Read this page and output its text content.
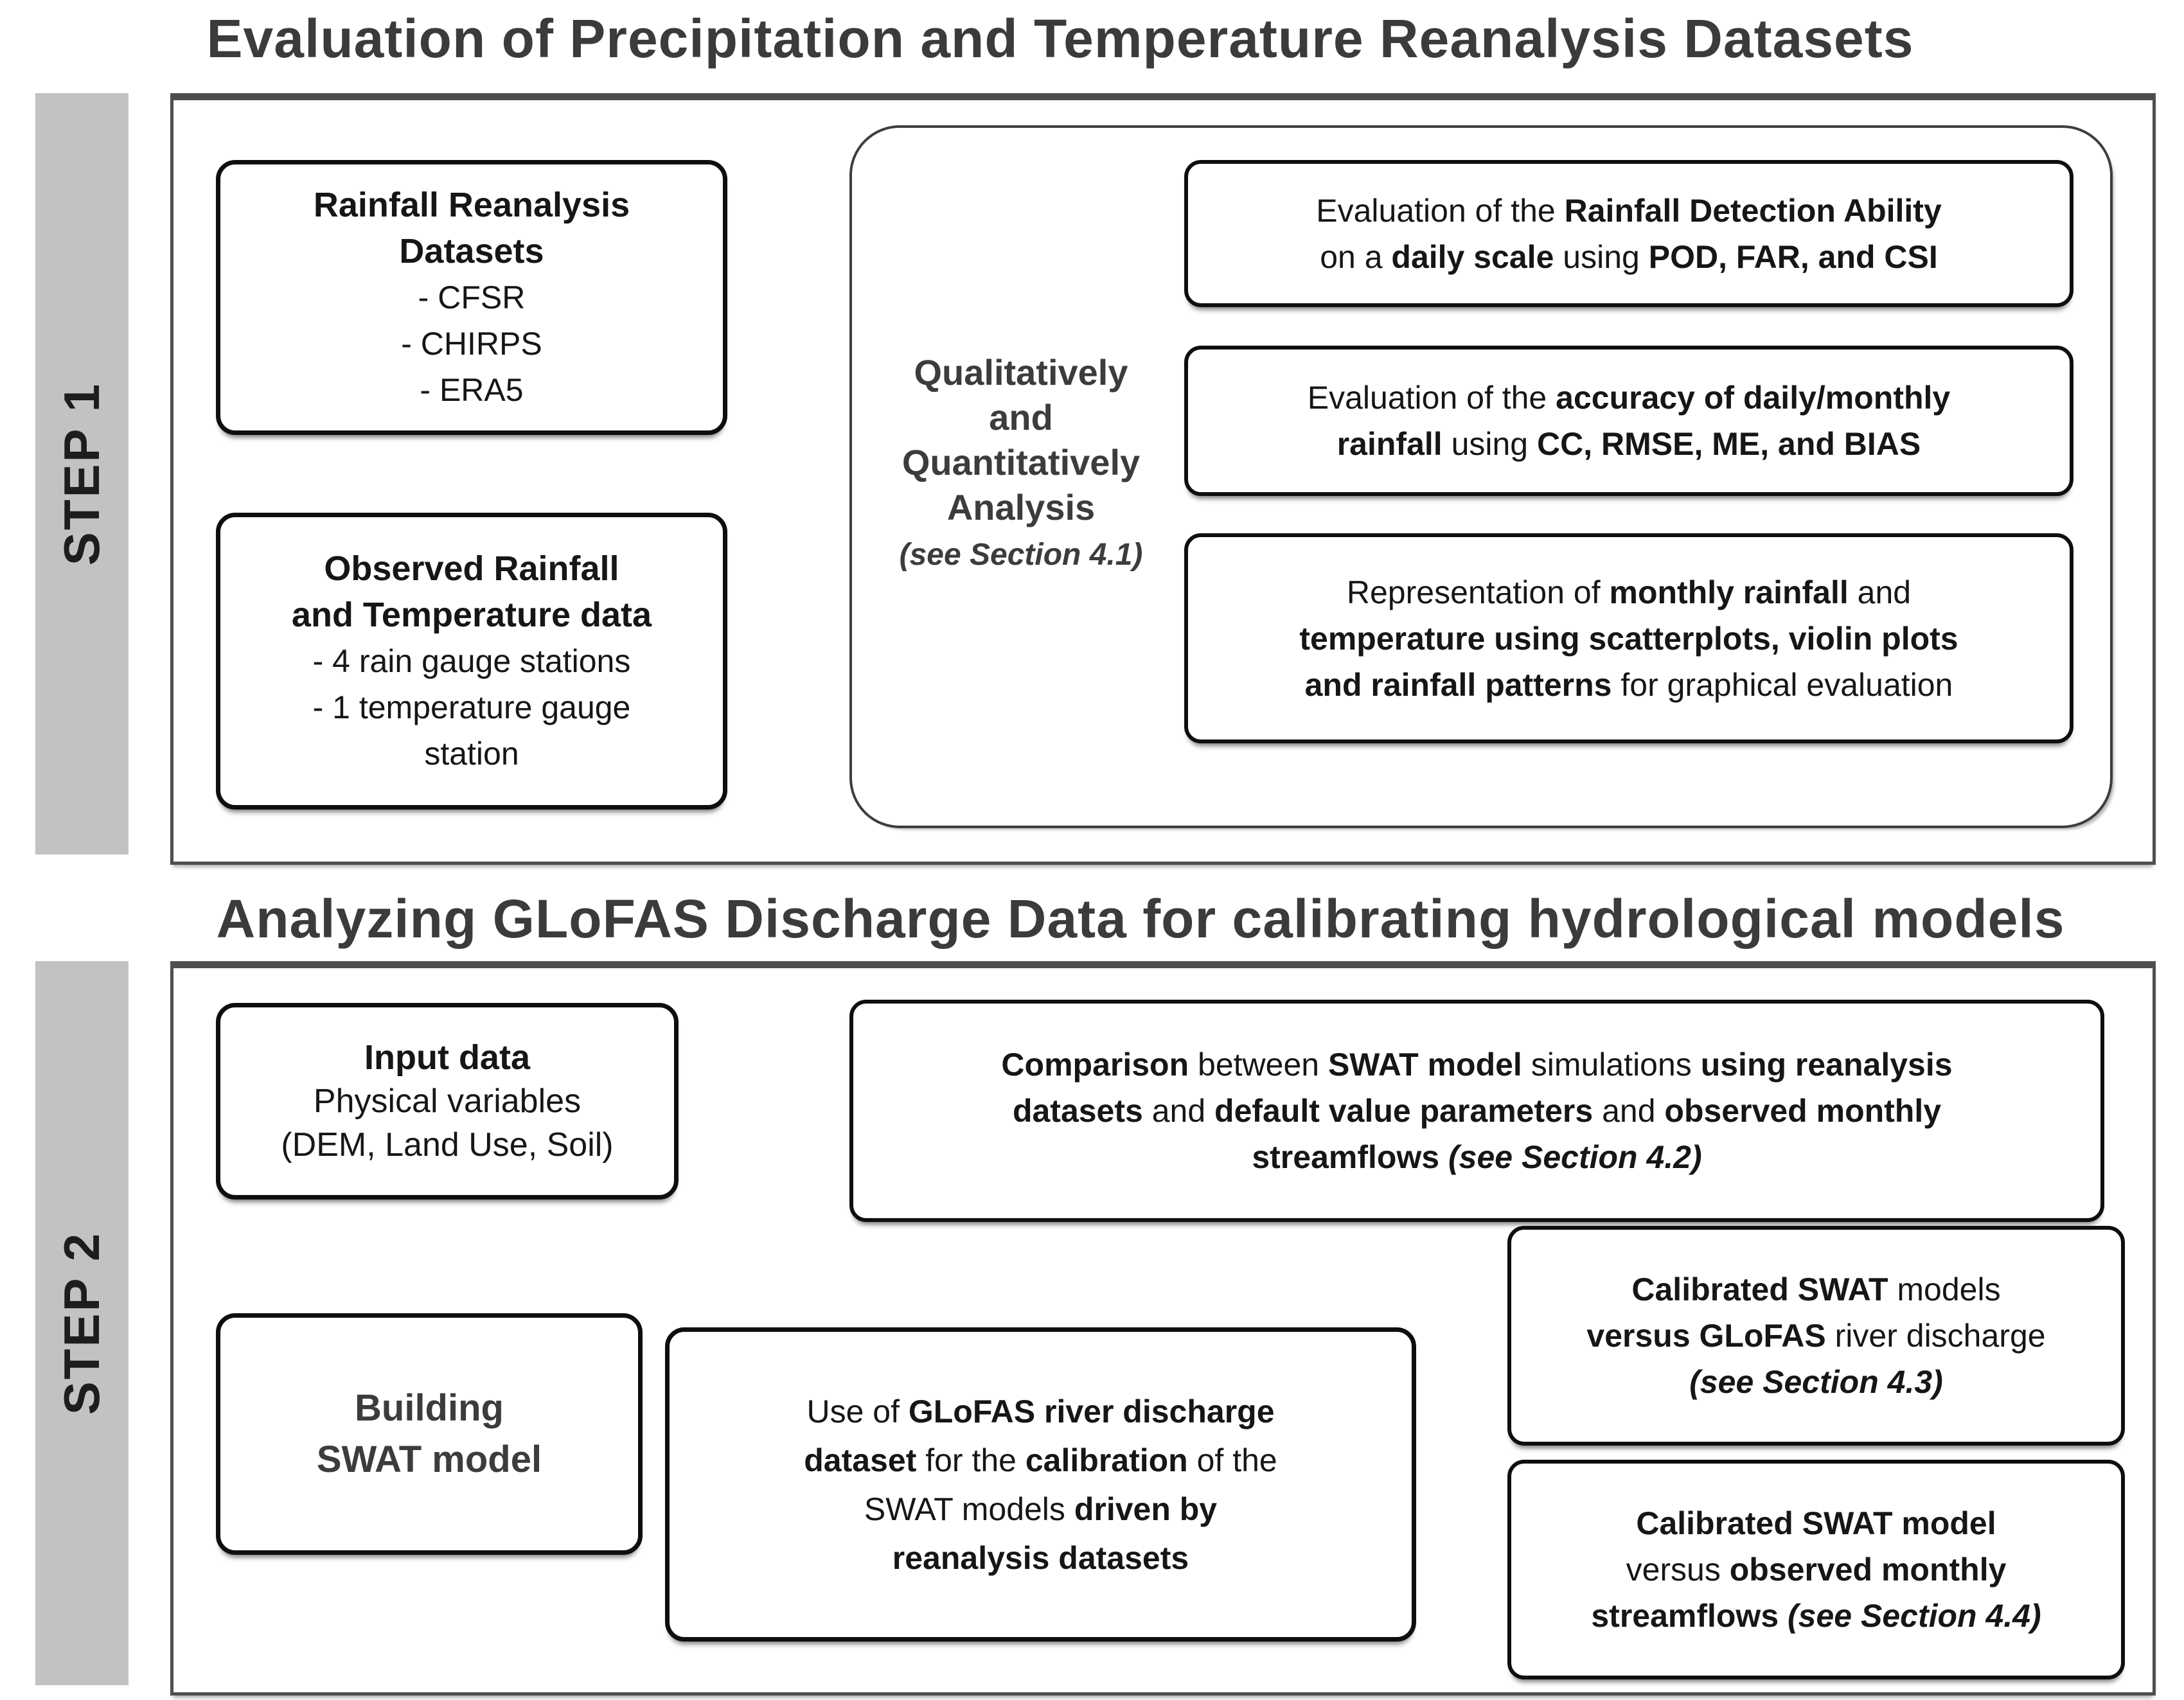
Evaluation of Precipitation and Temperature Reanalysis Datasets
STEP 1
Rainfall Reanalysis
Datasets
- CFSR
- CHIRPS
- ERA5
Observed Rainfall
and Temperature data
- 4 rain gauge stations
- 1 temperature gauge
station
Qualitatively
and
Quantitatively
Analysis
(see Section 4.1)
Evaluation of the Rainfall Detection Ability
on a daily scale using POD, FAR, and CSI
Evaluation of the accuracy of daily/monthly
rainfall using CC, RMSE, ME, and BIAS
Representation of monthly rainfall and
temperature using scatterplots, violin plots
and rainfall patterns for graphical evaluation
Analyzing GLoFAS Discharge Data for calibrating hydrological models
STEP 2
Input data
Physical variables
(DEM, Land Use, Soil)
Comparison between SWAT model simulations using reanalysis
datasets and default value parameters and observed monthly
streamflows (see Section 4.2)
Building
SWAT model
Use of GLoFAS river discharge
dataset for the calibration of the
SWAT models driven by
reanalysis datasets
Calibrated SWAT models
versus GLoFAS river discharge
(see Section 4.3)
Calibrated SWAT model
versus observed monthly
streamflows (see Section 4.4)
